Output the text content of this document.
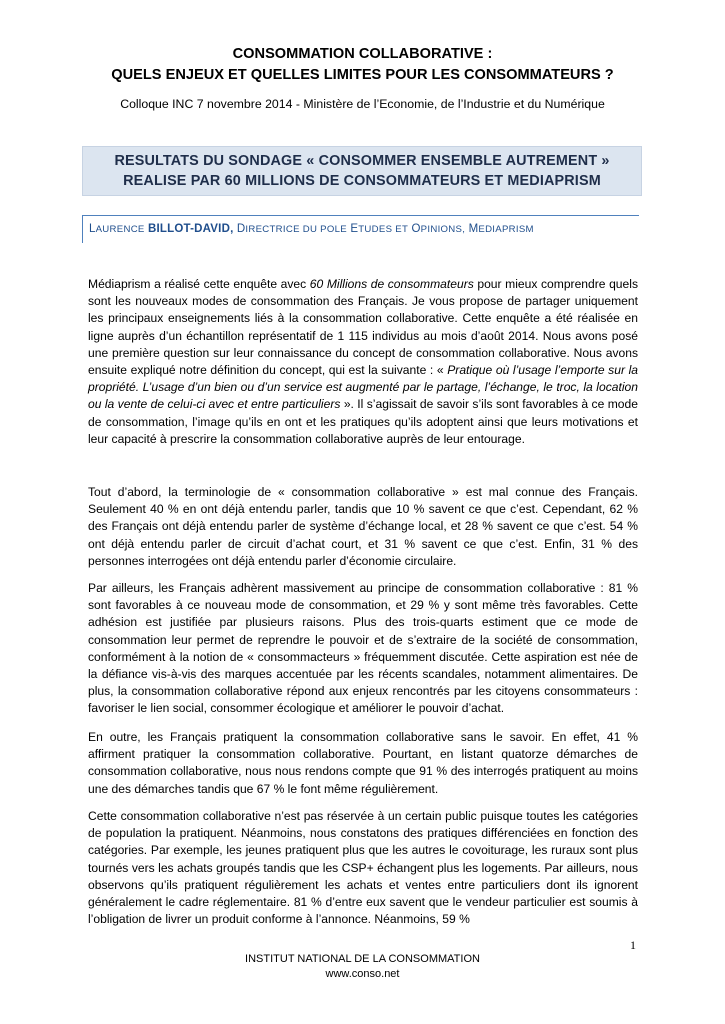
CONSOMMATION COLLABORATIVE :
QUELS ENJEUX ET QUELLES LIMITES POUR LES CONSOMMATEURS ?
Colloque INC 7 novembre 2014 - Ministère de l’Economie, de l’Industrie et du Numérique
RESULTATS DU SONDAGE « CONSOMMER ENSEMBLE AUTREMENT »
REALISE PAR 60 MILLIONS DE CONSOMMATEURS ET MEDIAPRISM
LAURENCE BILLOT-DAVID, DIRECTRICE DU POLE ETUDES ET OPINIONS, MEDIAPRISM

Médiaprism a réalisé cette enquête avec 60 Millions de consommateurs pour mieux comprendre quels sont les nouveaux modes de consommation des Français. Je vous propose de partager uniquement les principaux enseignements liés à la consommation collaborative. Cette enquête a été réalisée en ligne auprès d’un échantillon représentatif de 1 115 individus au mois d’août 2014. Nous avons posé une première question sur leur connaissance du concept de consommation collaborative. Nous avons ensuite expliqué notre définition du concept, qui est la suivante : « Pratique où l’usage l’emporte sur la propriété. L’usage d’un bien ou d’un service est augmenté par le partage, l’échange, le troc, la location ou la vente de celui-ci avec et entre particuliers ». Il s’agissait de savoir s’ils sont favorables à ce mode de consommation, l’image qu’ils en ont et les pratiques qu’ils adoptent ainsi que leurs motivations et leur capacité à prescrire la consommation collaborative auprès de leur entourage.

Tout d’abord, la terminologie de « consommation collaborative » est mal connue des Français. Seulement 40 % en ont déjà entendu parler, tandis que 10 % savent ce que c’est. Cependant, 62 % des Français ont déjà entendu parler de système d’échange local, et 28 % savent ce que c’est. 54 % ont déjà entendu parler de circuit d’achat court, et 31 % savent ce que c’est. Enfin, 31 % des personnes interrogées ont déjà entendu parler d’économie circulaire.

Par ailleurs, les Français adhèrent massivement au principe de consommation collaborative : 81 % sont favorables à ce nouveau mode de consommation, et 29 % y sont même très favorables. Cette adhésion est justifiée par plusieurs raisons. Plus des trois-quarts estiment que ce mode de consommation leur permet de reprendre le pouvoir et de s’extraire de la société de consommation, conformément à la notion de « consommacteurs » fréquemment discutée. Cette aspiration est née de la défiance vis-à-vis des marques accentuée par les récents scandales, notamment alimentaires. De plus, la consommation collaborative répond aux enjeux rencontrés par les citoyens consommateurs : favoriser le lien social, consommer écologique et améliorer le pouvoir d’achat.

En outre, les Français pratiquent la consommation collaborative sans le savoir. En effet, 41 % affirment pratiquer la consommation collaborative. Pourtant, en listant quatorze démarches de consommation collaborative, nous nous rendons compte que 91 % des interrogés pratiquent au moins une des démarches tandis que 67 % le font même régulièrement.

Cette consommation collaborative n’est pas réservée à un certain public puisque toutes les catégories de population la pratiquent. Néanmoins, nous constatons des pratiques différenciées en fonction des catégories. Par exemple, les jeunes pratiquent plus que les autres le covoiturage, les ruraux sont plus tournés vers les achats groupés tandis que les CSP+ échangent plus les logements. Par ailleurs, nous observons qu’ils pratiquent régulièrement les achats et ventes entre particuliers dont ils ignorent généralement le cadre réglementaire. 81 % d’entre eux savent que le vendeur particulier est soumis à l’obligation de livrer un produit conforme à l’annonce. Néanmoins, 59 %

1
INSTITUT NATIONAL DE LA CONSOMMATION
www.conso.net
